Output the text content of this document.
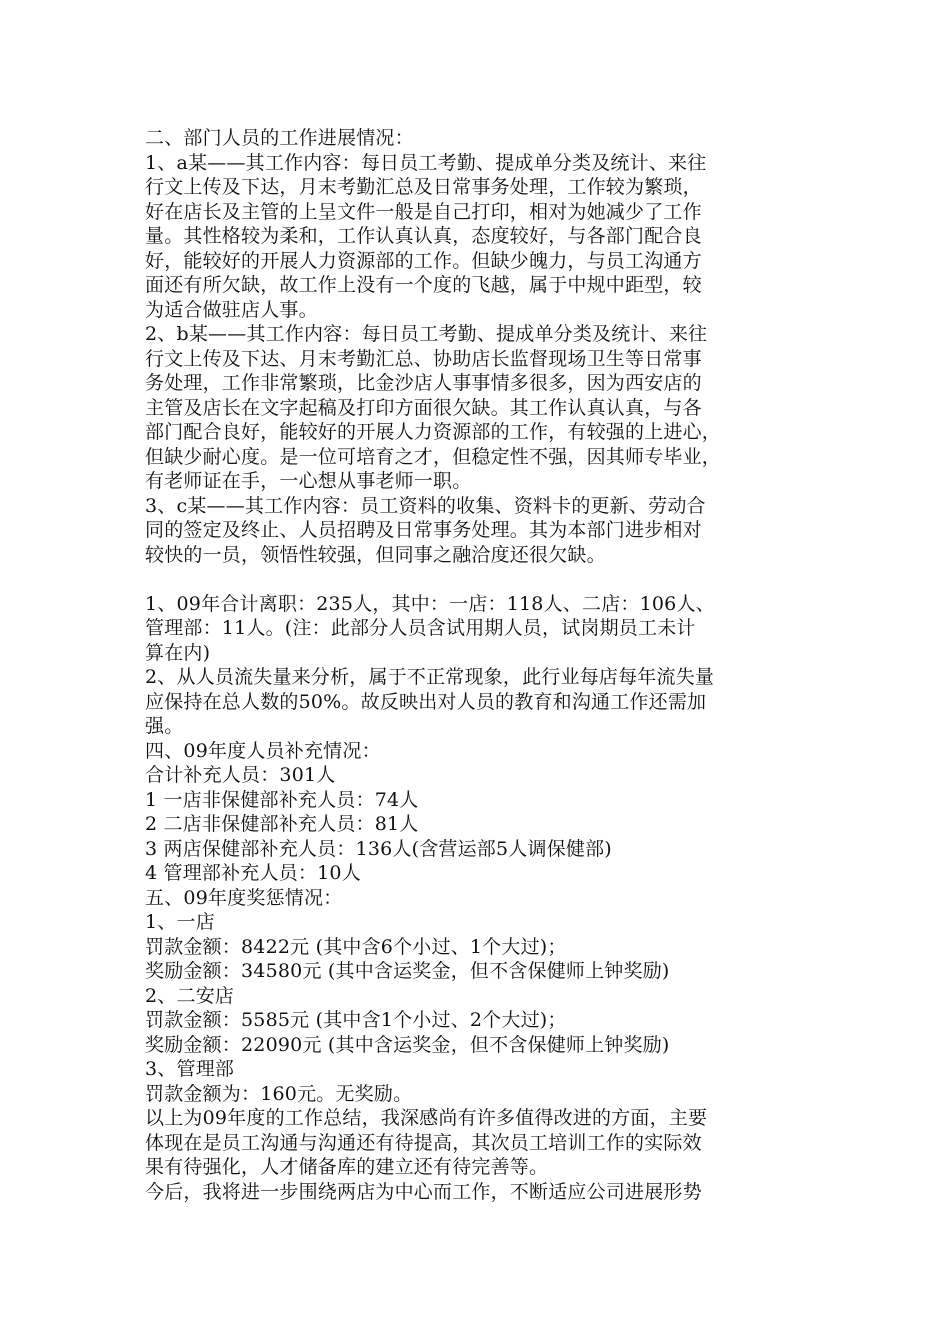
二、部门人员的工作进展情况：
1、a某——其工作内容：每日员工考勤、提成单分类及统计、来往
行文上传及下达，月末考勤汇总及日常事务处理，工作较为繁琐，
好在店长及主管的上呈文件一般是自己打印，相对为她减少了工作
量。其性格较为柔和，工作认真认真，态度较好，与各部门配合良
好，能较好的开展人力资源部的工作。但缺少魄力，与员工沟通方
面还有所欠缺，故工作上没有一个度的飞越，属于中规中距型，较
为适合做驻店人事。
2、b某——其工作内容：每日员工考勤、提成单分类及统计、来往
行文上传及下达、月末考勤汇总、协助店长监督现场卫生等日常事
务处理，工作非常繁琐，比金沙店人事事情多很多，因为西安店的
主管及店长在文字起稿及打印方面很欠缺。其工作认真认真，与各
部门配合良好，能较好的开展人力资源部的工作，有较强的上进心，
但缺少耐心度。是一位可培育之才，但稳定性不强，因其师专毕业，
有老师证在手，一心想从事老师一职。
3、c某——其工作内容：员工资料的收集、资料卡的更新、劳动合
同的签定及终止、人员招聘及日常事务处理。其为本部门进步相对
较快的一员，领悟性较强，但同事之融洽度还很欠缺。
1、09年合计离职：235人，其中：一店：118人、二店：106人、
管理部：11人。(注：此部分人员含试用期人员，试岗期员工未计
算在内)
2、从人员流失量来分析，属于不正常现象，此行业每店每年流失量
应保持在总人数的50%。故反映出对人员的教育和沟通工作还需加
强。
四、09年度人员补充情况：
合计补充人员：301人
1 一店非保健部补充人员：74人
2 二店非保健部补充人员：81人
3 两店保健部补充人员：136人(含营运部5人调保健部)
4 管理部补充人员：10人
五、09年度奖惩情况：
1、一店
罚款金额：8422元 (其中含6个小过、1个大过)；
奖励金额：34580元 (其中含运奖金，但不含保健师上钟奖励)
2、二安店
罚款金额：5585元 (其中含1个小过、2个大过)；
奖励金额：22090元 (其中含运奖金，但不含保健师上钟奖励)
3、管理部
罚款金额为：160元。无奖励。
以上为09年度的工作总结，我深感尚有许多值得改进的方面，主要
体现在是员工沟通与沟通还有待提高，其次员工培训工作的实际效
果有待强化，人才储备库的建立还有待完善等。
今后，我将进一步围绕两店为中心而工作，不断适应公司进展形势
